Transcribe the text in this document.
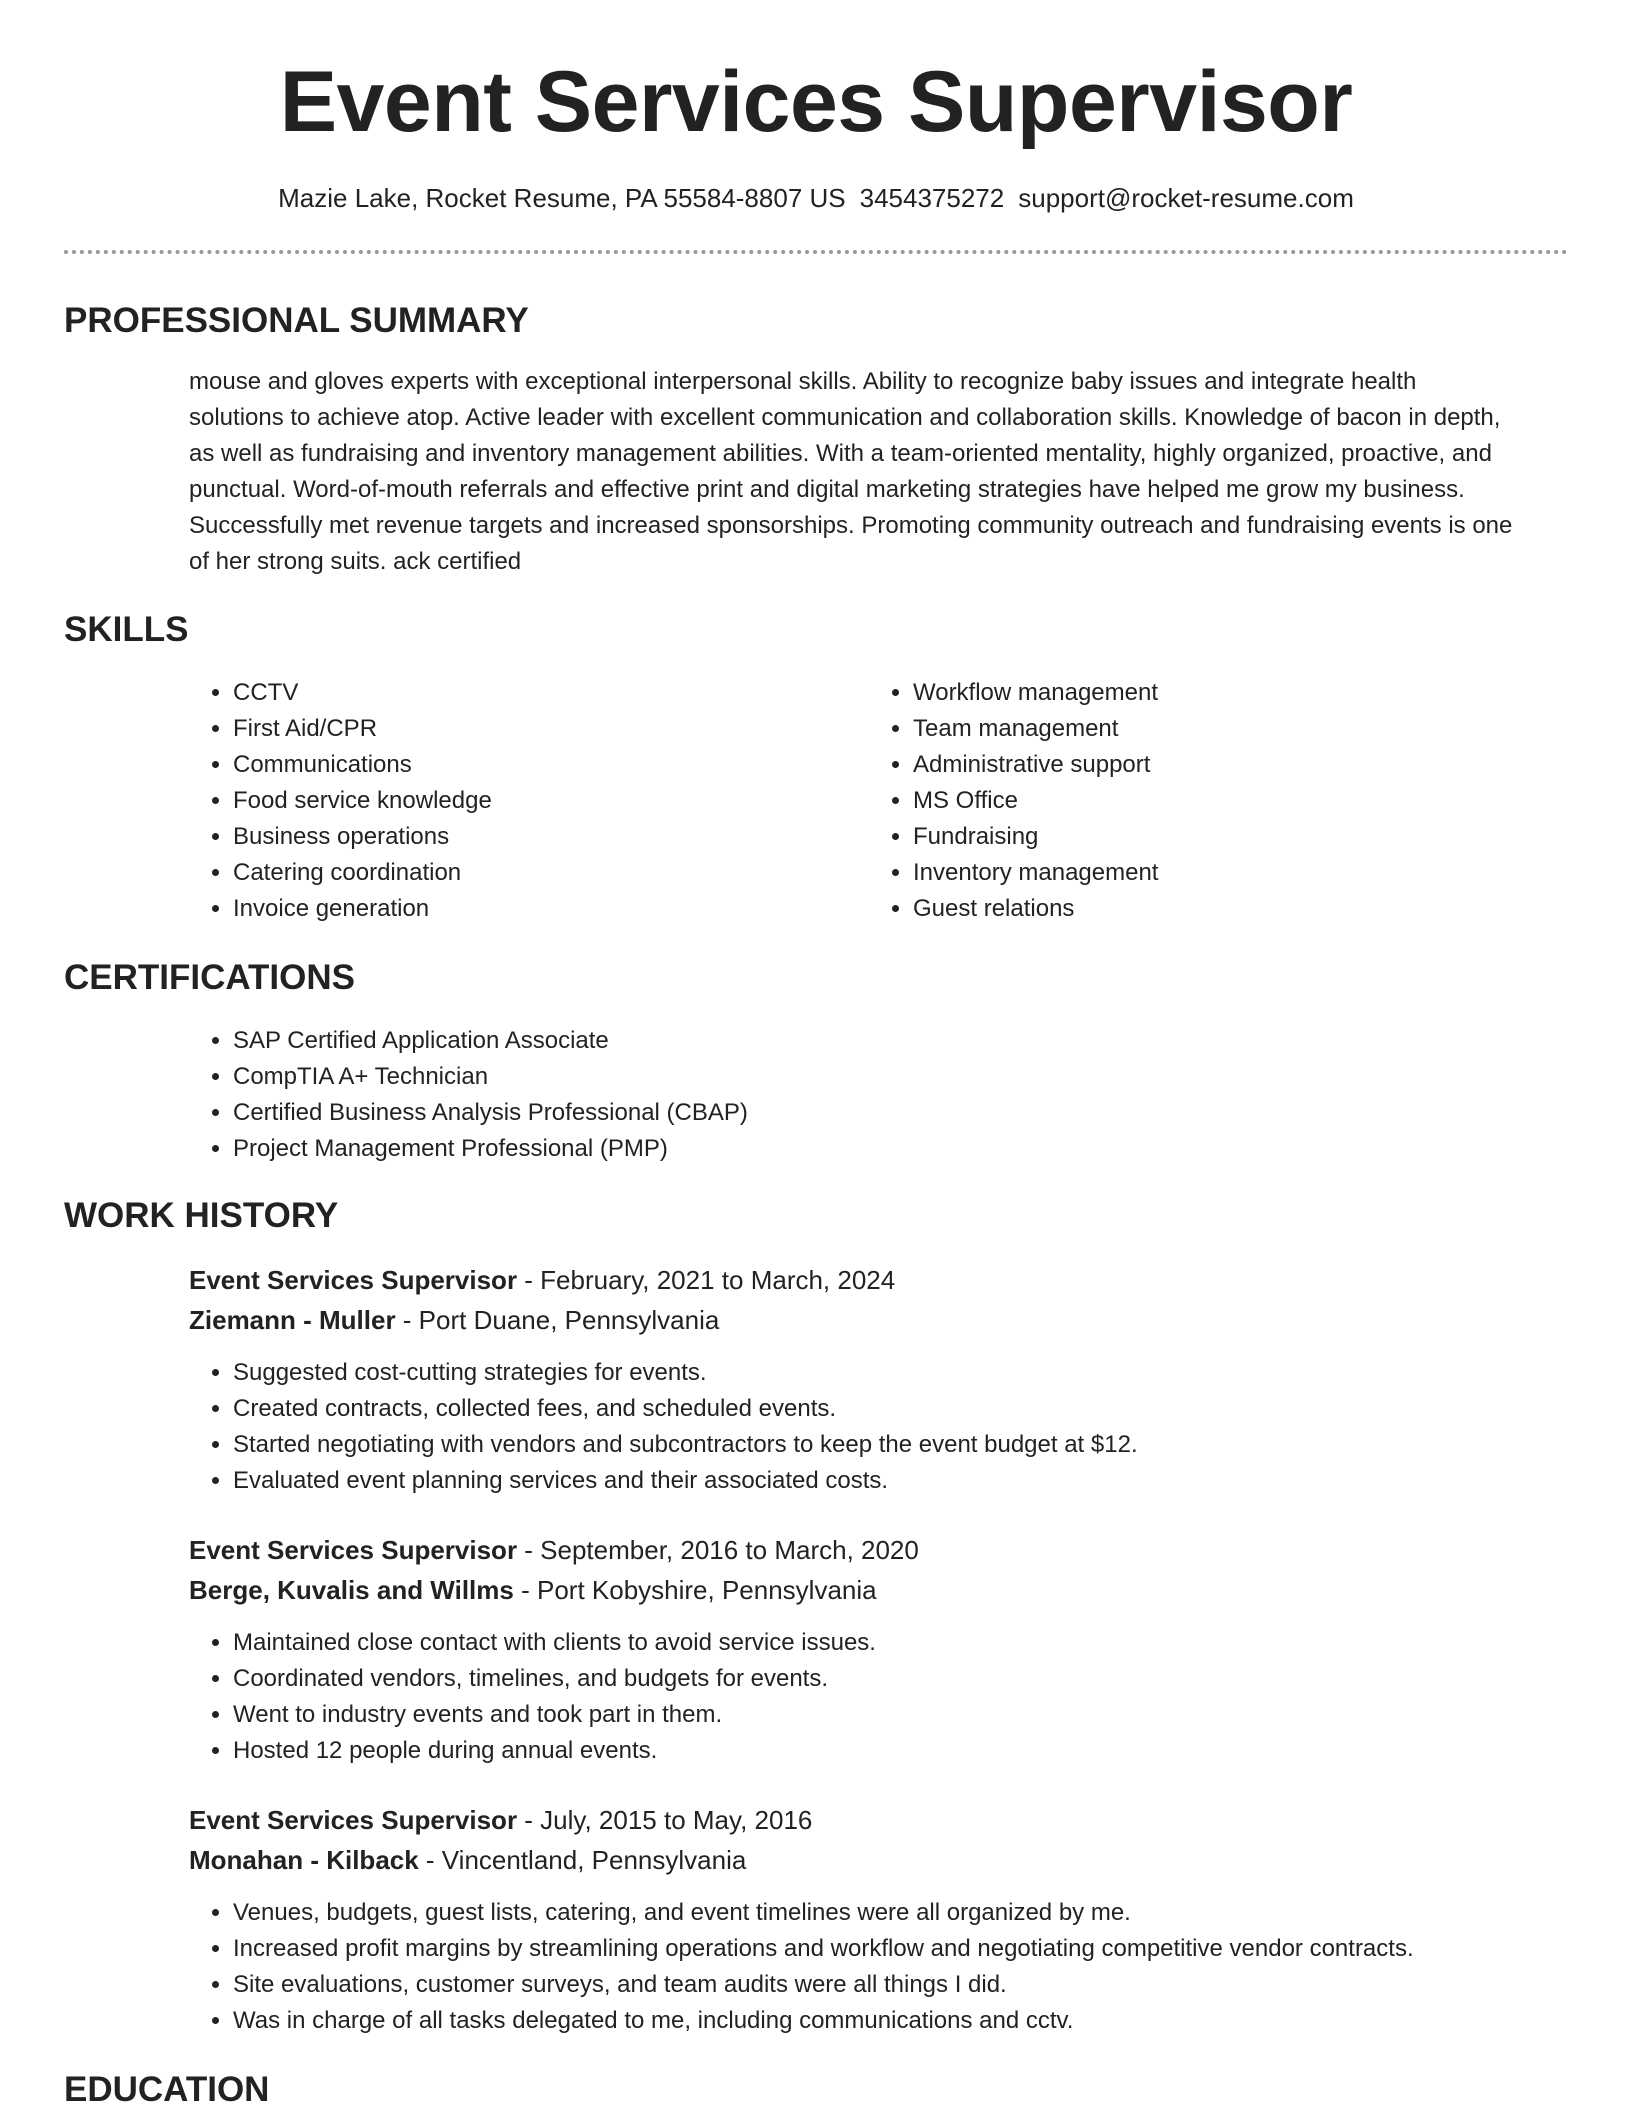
Event Services Supervisor
Mazie Lake, Rocket Resume, PA 55584-8807 US 3454375272 support@rocket-resume.com
PROFESSIONAL SUMMARY
mouse and gloves experts with exceptional interpersonal skills. Ability to recognize baby issues and integrate health
solutions to achieve atop. Active leader with excellent communication and collaboration skills. Knowledge of bacon in depth,
as well as fundraising and inventory management abilities. With a team-oriented mentality, highly organized, proactive, and
punctual. Word-of-mouth referrals and effective print and digital marketing strategies have helped me grow my business.
Successfully met revenue targets and increased sponsorships. Promoting community outreach and fundraising events is one
of her strong suits. ack certified
SKILLS
• CCTV
• First Aid/CPR
• Communications
• Food service knowledge
• Business operations
• Catering coordination
• Invoice generation
• Workflow management
• Team management
• Administrative support
• MS Office
• Fundraising
• Inventory management
• Guest relations
CERTIFICATIONS
• SAP Certified Application Associate
• CompTIA A+ Technician
• Certified Business Analysis Professional (CBAP)
• Project Management Professional (PMP)
WORK HISTORY
Event Services Supervisor - February, 2021 to March, 2024
Ziemann - Muller - Port Duane, Pennsylvania
• Suggested cost-cutting strategies for events.
• Created contracts, collected fees, and scheduled events.
• Started negotiating with vendors and subcontractors to keep the event budget at $12.
• Evaluated event planning services and their associated costs.
Event Services Supervisor - September, 2016 to March, 2020
Berge, Kuvalis and Willms - Port Kobyshire, Pennsylvania
• Maintained close contact with clients to avoid service issues.
• Coordinated vendors, timelines, and budgets for events.
• Went to industry events and took part in them.
• Hosted 12 people during annual events.
Event Services Supervisor - July, 2015 to May, 2016
Monahan - Kilback - Vincentland, Pennsylvania
• Venues, budgets, guest lists, catering, and event timelines were all organized by me.
• Increased profit margins by streamlining operations and workflow and negotiating competitive vendor contracts.
• Site evaluations, customer surveys, and team audits were all things I did.
• Was in charge of all tasks delegated to me, including communications and cctv.
EDUCATION
